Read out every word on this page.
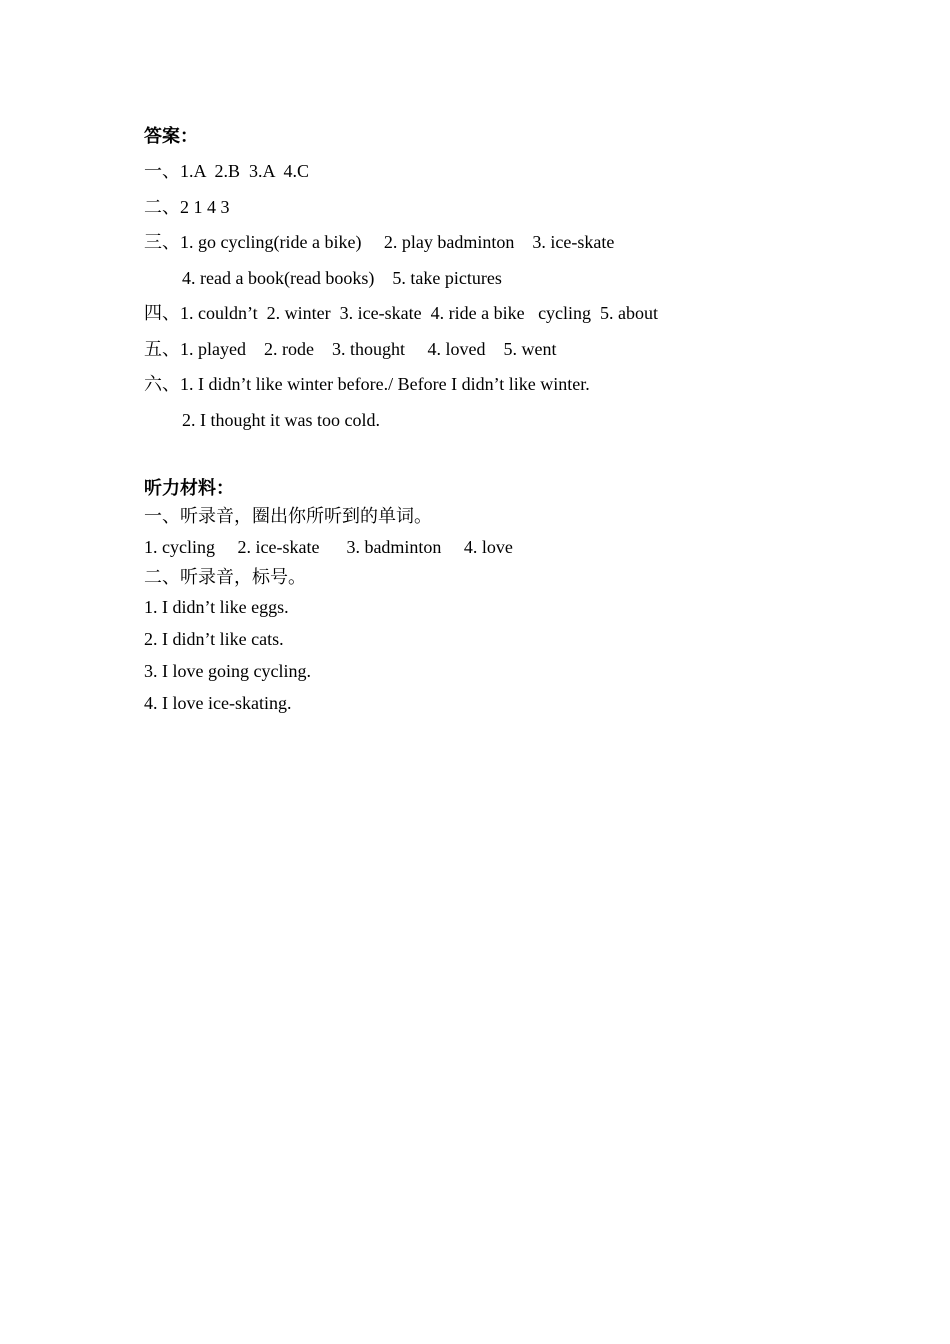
答案：
一、1.A  2.B  3.A  4.C
二、2 1 4 3
三、1. go cycling(ride a bike)     2. play badminton    3. ice-skate
4. read a book(read books)    5. take pictures
四、1. couldn’t  2. winter  3. ice-skate  4. ride a bike   cycling  5. about
五、1. played    2. rode    3. thought     4. loved    5. went
六、1. I didn’t like winter before./ Before I didn’t like winter.
2. I thought it was too cold.
听力材料：
一、听录音，圈出你所听到的单词。
1. cycling     2. ice-skate      3. badminton     4. love
二、听录音，标号。
1. I didn’t like eggs.
2. I didn’t like cats.
3. I love going cycling.
4. I love ice-skating.
